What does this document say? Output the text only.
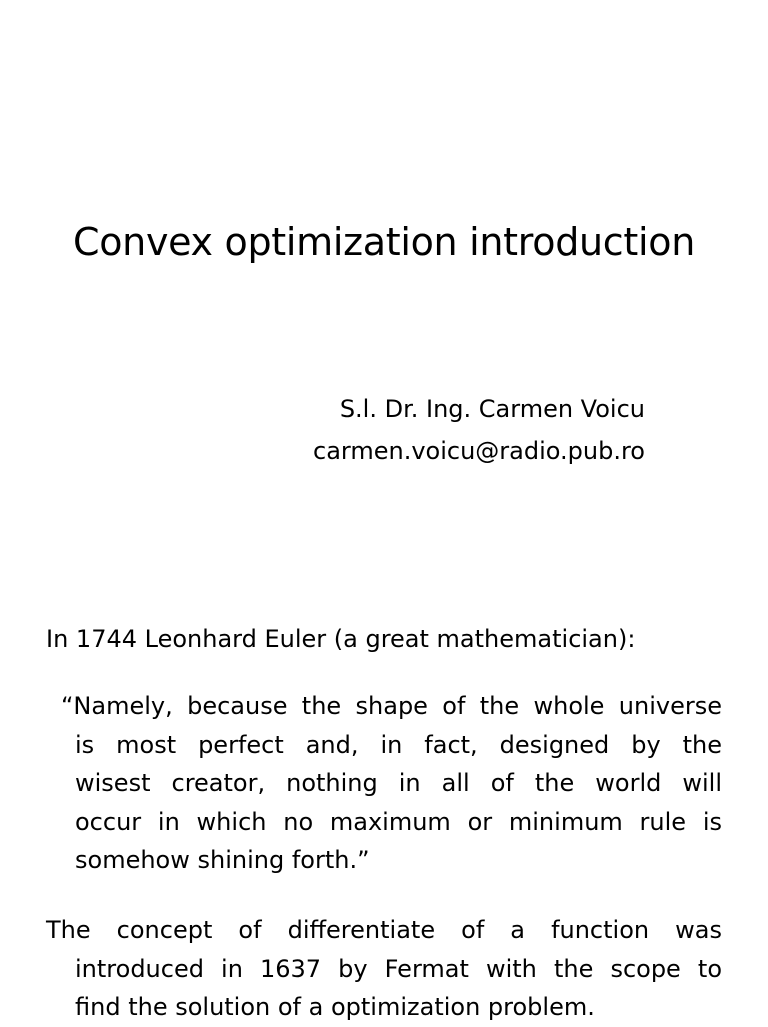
Convex optimization introduction
S.l. Dr. Ing. Carmen Voicu
carmen.voicu@radio.pub.ro
In 1744 Leonhard Euler (a great mathematician):
“Namely, because the shape of the whole universe
is most perfect and, in fact, designed by the
wisest creator, nothing in all of the world will
occur in which no maximum or minimum rule is
somehow shining forth.”
The concept of differentiate of a function was
introduced in 1637 by Fermat with the scope to
find the solution of a optimization problem.
